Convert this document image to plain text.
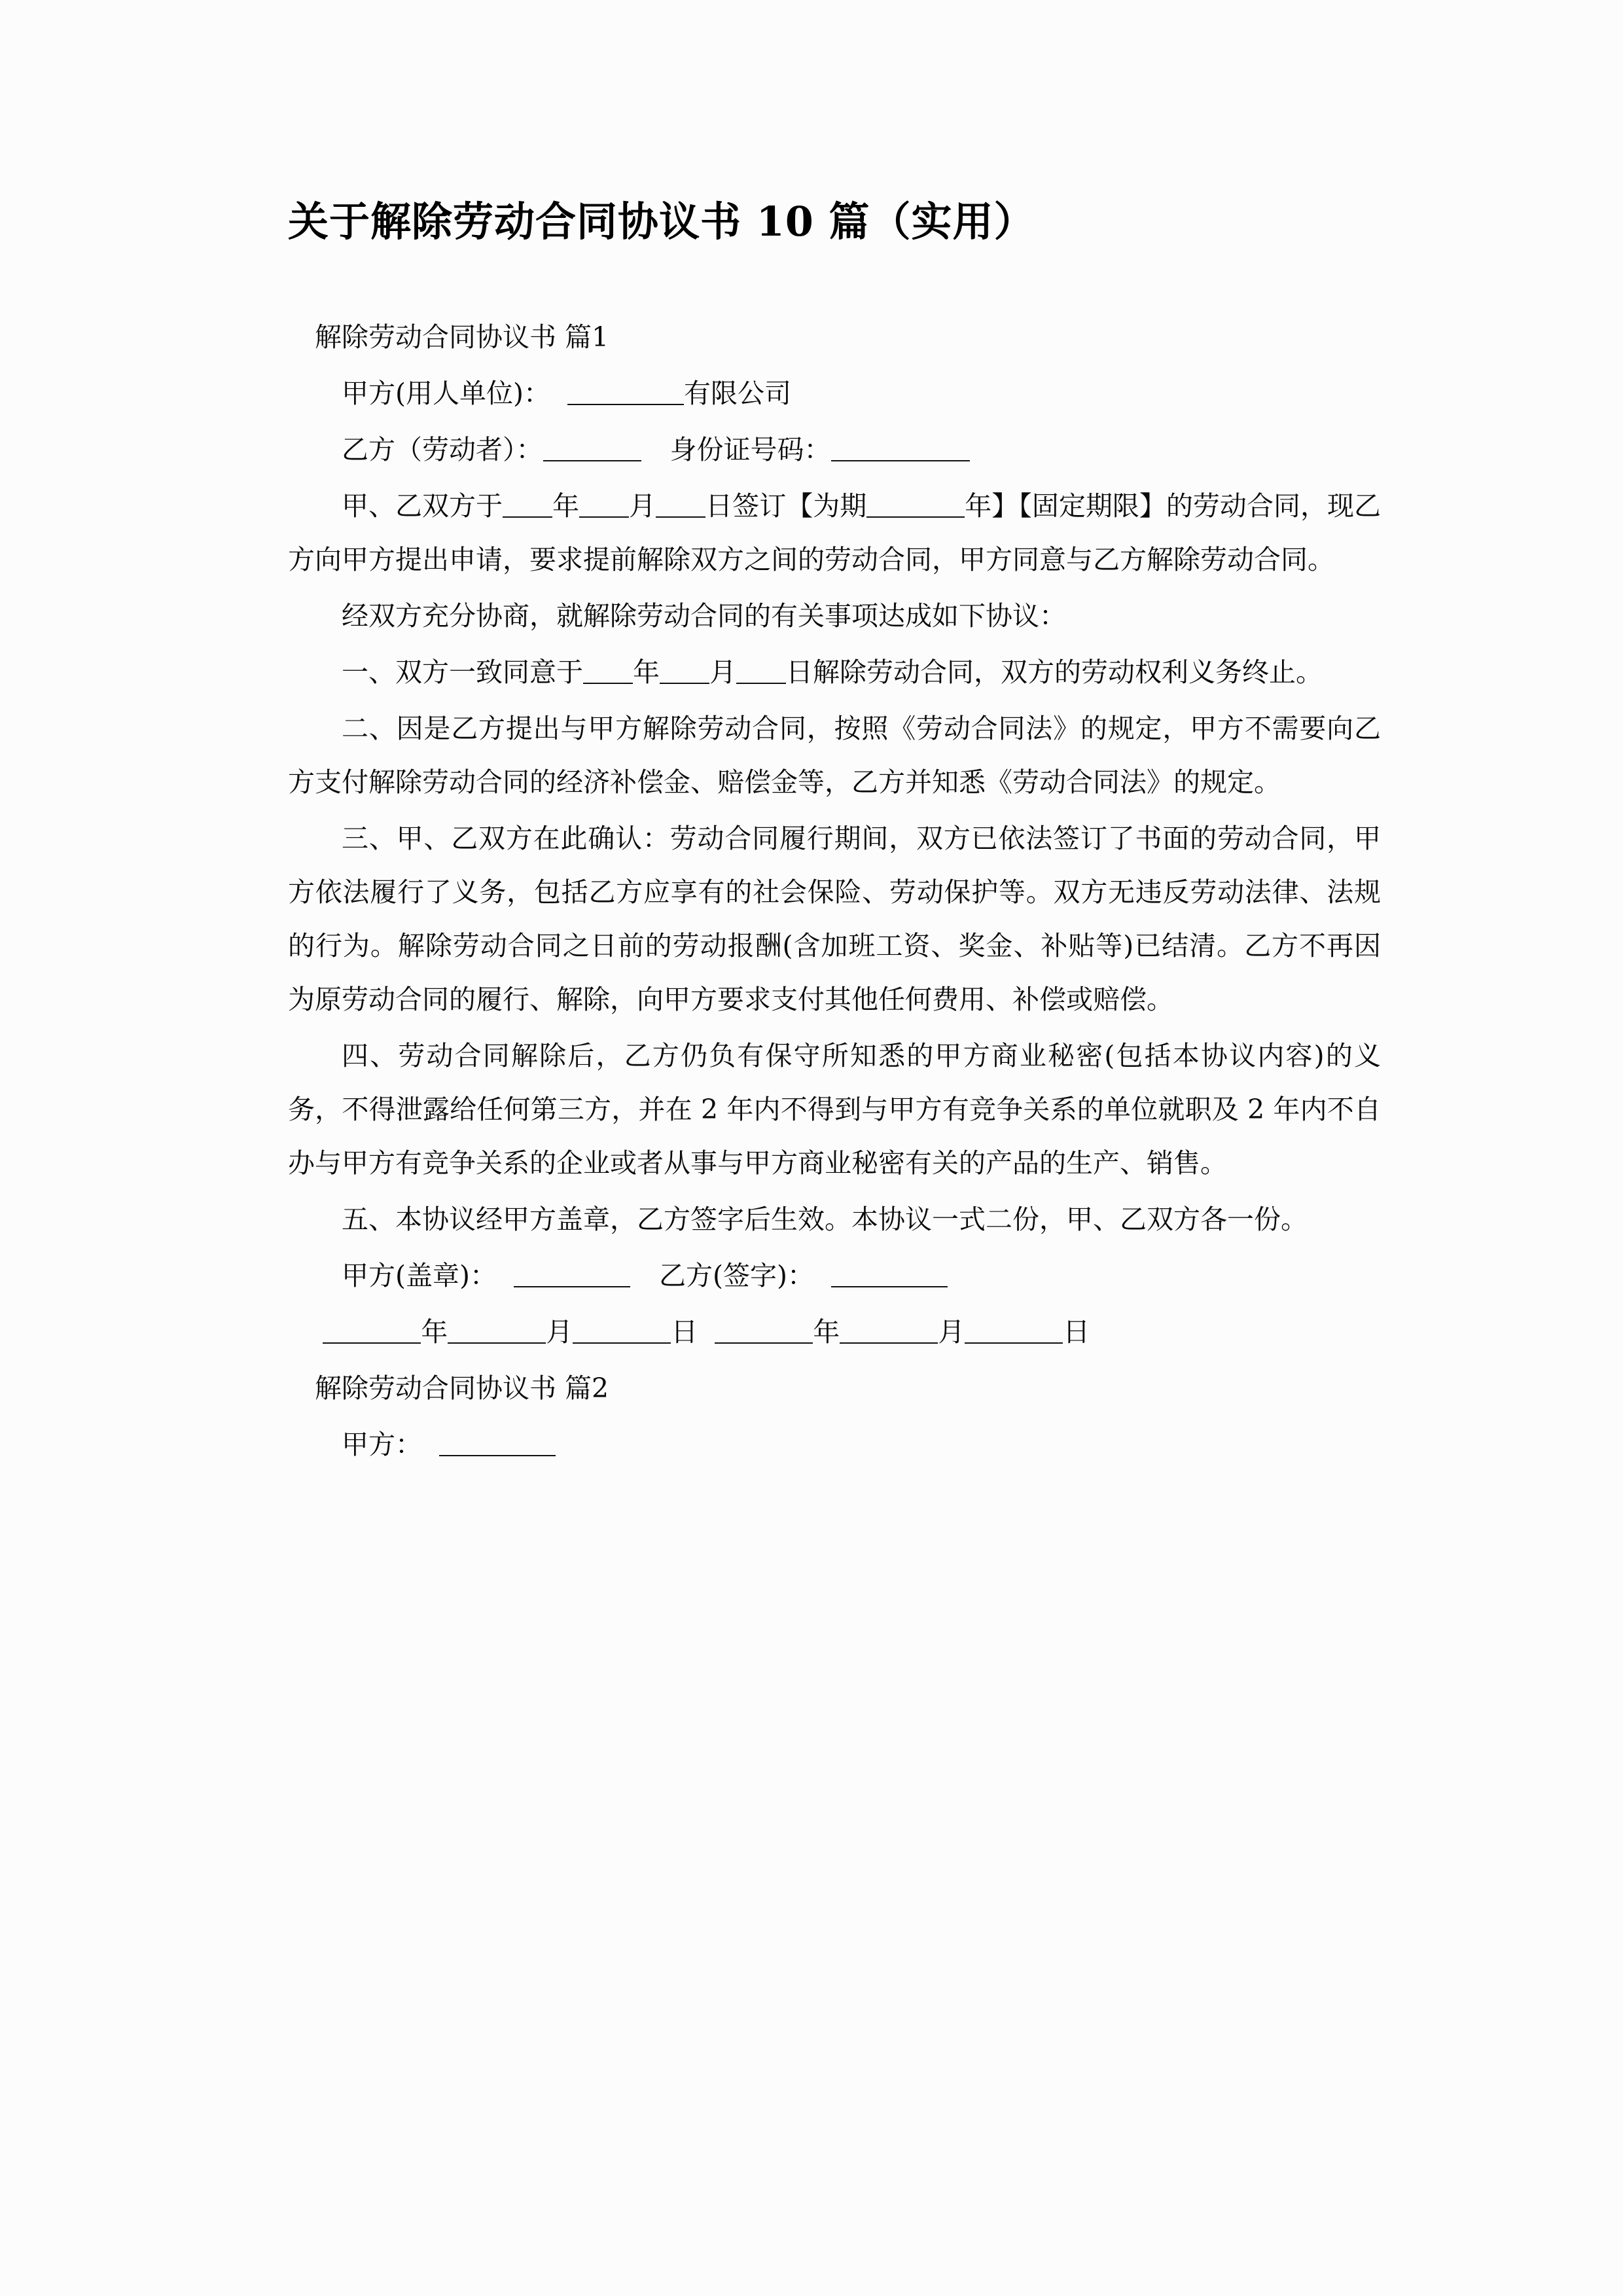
关于解除劳动合同协议书 10 篇（实用）

解除劳动合同协议书 篇1

甲方(用人单位)：	有限公司

乙方（劳动者）：	身份证号码：

甲、乙双方于 年 月 日签订【为期	年】【固定期限】的劳动合同，现乙方向甲方提出申请，要求提前解除双方之间的劳动合同，甲方同意与乙方解除劳动合同。

经双方充分协商，就解除劳动合同的有关事项达成如下协议：

一、双方一致同意于 年 月 日解除劳动合同，双方的劳动权利义务终止。

二、因是乙方提出与甲方解除劳动合同，按照《劳动合同法》的规定，甲方不需要向乙方支付解除劳动合同的经济补偿金、赔偿金等，乙方并知悉《劳动合同法》的规定。

三、甲、乙双方在此确认：劳动合同履行期间，双方已依法签订了书面的劳动合同，甲方依法履行了义务，包括乙方应享有的社会保险、劳动保护等。双方无违反劳动法律、法规的行为。解除劳动合同之日前的劳动报酬(含加班工资、奖金、补贴等)已结清。乙方不再因为原劳动合同的履行、解除，向甲方要求支付其他任何费用、补偿或赔偿。

四、劳动合同解除后，乙方仍负有保守所知悉的甲方商业秘密(包括本协议内容)的义务，不得泄露给任何第三方，并在 2 年内不得到与甲方有竞争关系的单位就职及 2 年内不自办与甲方有竞争关系的企业或者从事与甲方商业秘密有关的产品的生产、销售。

五、本协议经甲方盖章，乙方签字后生效。本协议一式二份，甲、乙双方各一份。

甲方(盖章)：	乙方(签字)：

年	月	日	年	月	日

解除劳动合同协议书 篇2

甲方：
